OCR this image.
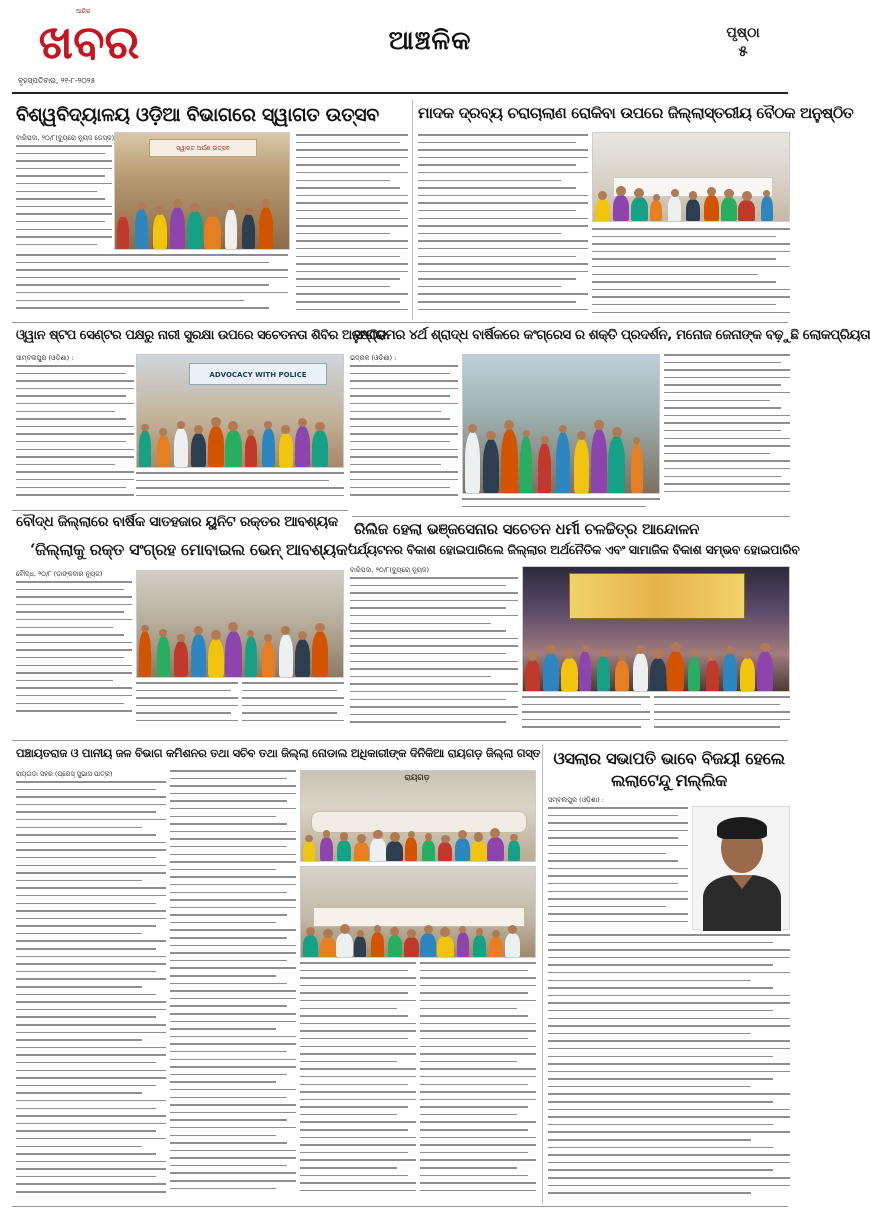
ଖବର
ଆଜିର
ବୃହସ୍ପତିବାର, ୨୧-୮-୨୦୨୫
ଆଞ୍ଚଳିକ	ପୃଷ୍ଠା
୫
ବିଶ୍ୱବିଦ୍ୟାଳୟ ଓଡ଼ିଆ ବିଭାଗରେ ସ୍ୱାଗତ ଉତ୍ସବ	ମାଦକ ଦ୍ରବ୍ୟ ଚରାଚାଲାଣ ରୋକିବା ଉପରେ ଜିଲ୍ଲାସ୍ତରୀୟ ବୈଠକ ଅନୁଷ୍ଠିତ
ବାରିପଦା, ୨୦/୮(ବ୍ୟୁରୋ ନ୍ୟୁଜ ଡେସ୍କ)
ସ୍ୱାଗତ ଅର୍ପଣ ଉତ୍ସବ
ଓ୍ୱାନ ଷ୍ଟପ ସେଣ୍ଟର ପକ୍ଷରୁ ନାରୀ ସୁରକ୍ଷା ଉପରେ ସଚେତନତା ଶିବିର ଅନୁଷ୍ଠିତ
ସଂଗ୍ରାମର ୪ର୍ଥ ଶ୍ରାଦ୍ଧ ବାର୍ଷିକରେ କଂଗ୍ରେସ ର ଶକ୍ତି ପ୍ରଦର୍ଶନ, ମନୋଜ ଜେନାଙ୍କ ବଢ଼ୁଛି ଲୋକପ୍ରିୟତା
ସାମ୍ବଲପୁର (ଓଡ଼ିଶା) :
ADVOCACY WITH POLICE
ଭଦ୍ରକ (ଓଡ଼ିଶା) :
ରିଲିଜ ହେଲା ଭଞ୍ଜସେନାର ସଚେତନ ଧର୍ମୀ ଚଳଚ୍ଚିତ୍ର ଆନ୍ଦୋଳନ
ବୌଦ୍ଧ ଜିଲ୍ଲାରେ ବାର୍ଷିକ ସାତହଜାର ୟୁନିଟ ରକ୍ତର ଆବଶ୍ୟକ
‘ଜିଲ୍ଲାକୁ ରକ୍ତ ସଂଗ୍ରହ ମୋବାଇଲ ଭେନ୍ ଆବଶ୍ୟକ’
ବୌଦ୍ଧ, ୨୦/୮ (ଡ଼ାଙ୍କବାର ନ୍ୟୁଜ)
ପର୍ଯ୍ୟଟନର ବିକାଶ ହୋଇପାରିଲେ ଜିଲ୍ଲାର ଅର୍ଥନୈତିକ ଏବଂ ସାମାଜିକ ବିକାଶ ସମ୍ଭବ ହୋଇପାରିବ
ବାରିପଦା, ୨୦/୮(ବ୍ୟୁରୋ ନ୍ୟୁଜ)
ପଞ୍ଚାୟତରାଜ ଓ ପାନୀୟ ଜଳ ବିଭାଗ କମିଶନର ତଥା ସଚିବ ତଥା ଜିଲ୍ଲା ନୋଡାଲ ଅଧିକାରୀଙ୍କ ଦିନିକିଆ ରାୟଗଡ଼ ଜିଲ୍ଲା ଗସ୍ତ
ରାୟଗଡ଼ା ସହର (ପ୍ରେସ୍ ସୁଭାସ ପାତ୍ର)	ରାୟଗଡ଼
ଓସଲାର ସଭାପତି ଭାବେ ବିଜୟୀ ହେଲେ ଲଲାଟେନ୍ଦୁ ମଲ୍ଲିକ
ସମ୍ବଲପୁର (ଓଡ଼ିଶା) :
